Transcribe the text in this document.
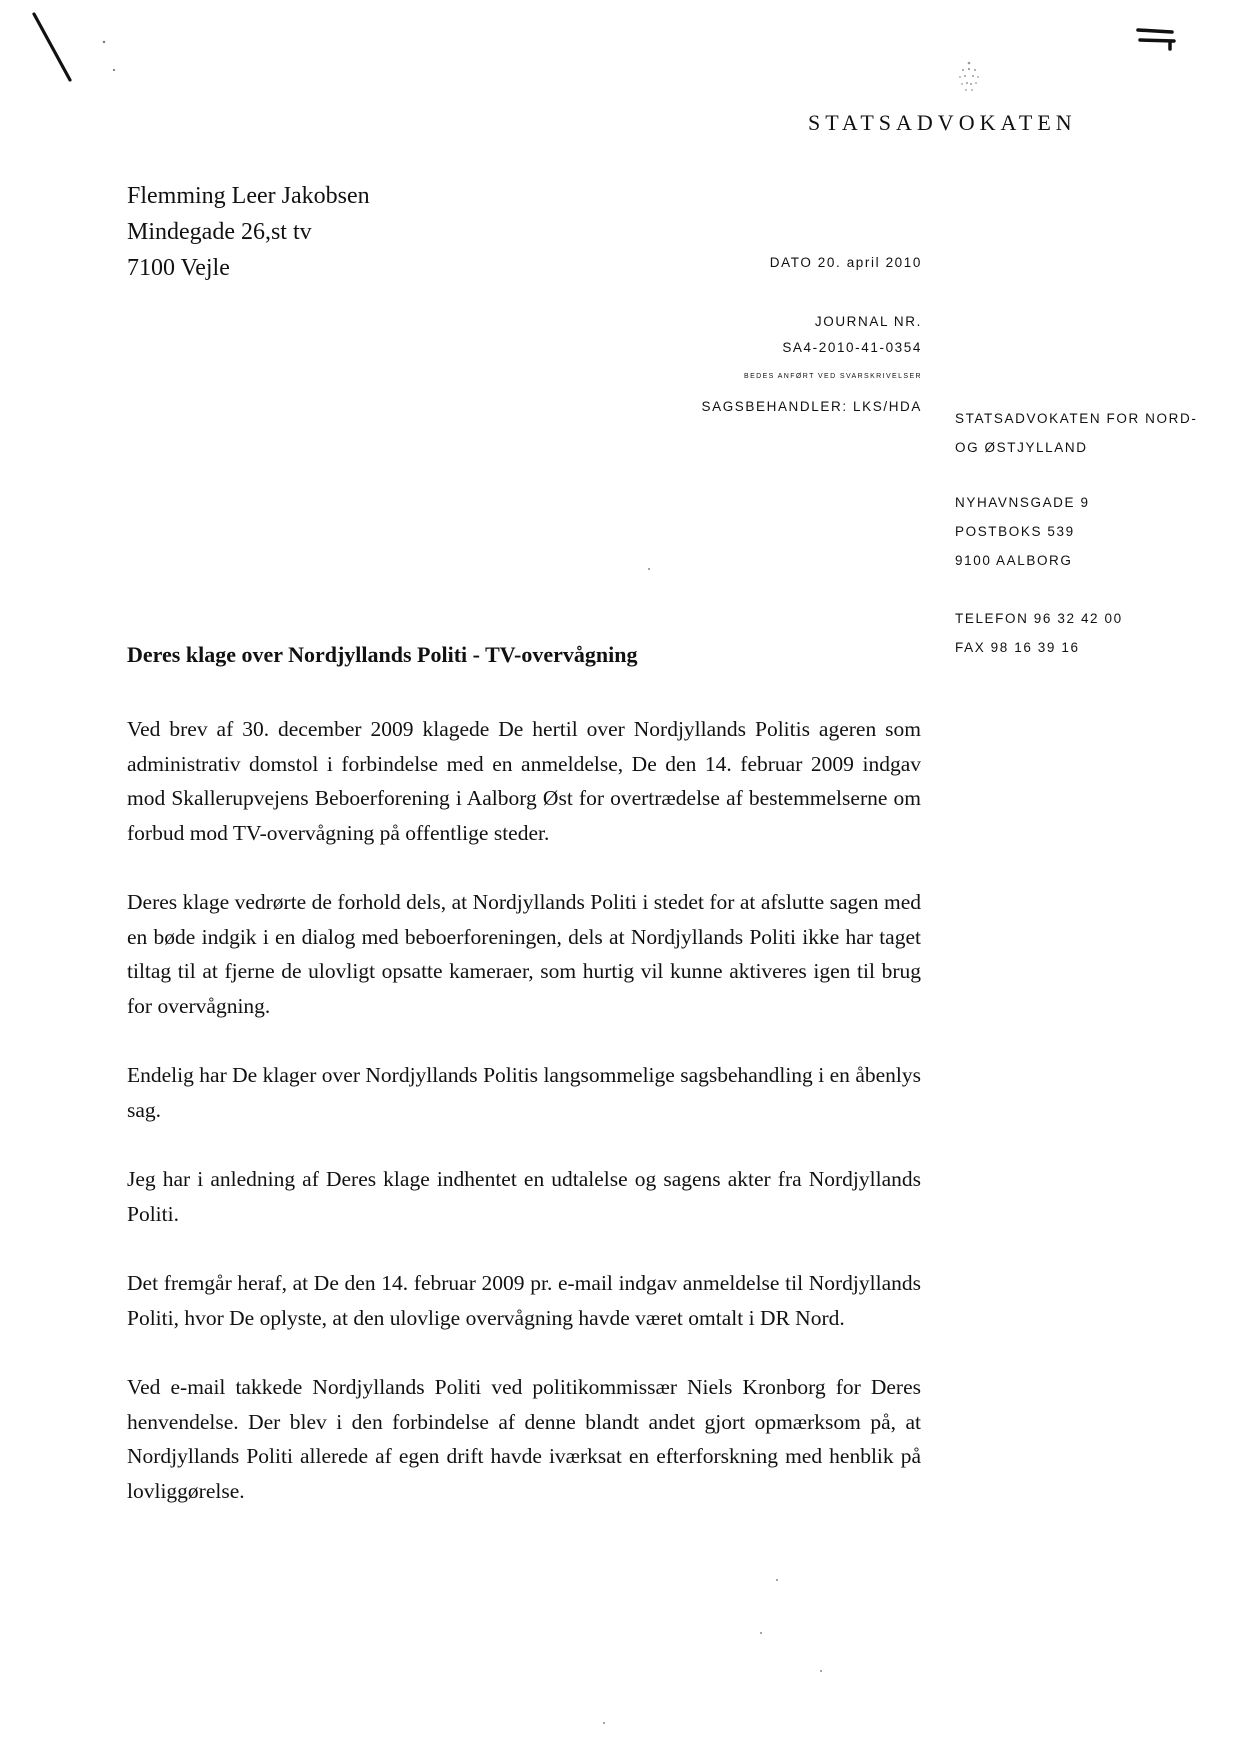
STATSADVOKATEN
Flemming Leer Jakobsen
Mindegade 26,st tv
7100 Vejle	DATO 20. april 2010
JOURNAL NR.
SA4-2010-41-0354
BEDES ANFØRT VED SVARSKRIVELSER
SAGSBEHANDLER: LKS/HDA
STATSADVOKATEN FOR NORD-
OG ØSTJYLLAND
NYHAVNSGADE 9
POSTBOKS 539
9100 AALBORG
TELEFON 96 32 42 00
FAX 98 16 39 16
Deres klage over Nordjyllands Politi - TV-overvågning

Ved brev af 30. december 2009 klagede De hertil over Nordjyllands Politis ageren som administrativ domstol i forbindelse med en anmeldelse, De den 14. februar 2009 indgav mod Skallerupvejens Beboerforening i Aalborg Øst for overtrædelse af bestemmelserne om forbud mod TV-overvågning på offentlige steder.

Deres klage vedrørte de forhold dels, at Nordjyllands Politi i stedet for at afslutte sagen med en bøde indgik i en dialog med beboerforeningen, dels at Nordjyllands Politi ikke har taget tiltag til at fjerne de ulovligt opsatte kameraer, som hurtig vil kunne aktiveres igen til brug for overvågning.

Endelig har De klager over Nordjyllands Politis langsommelige sagsbehandling i en åbenlys sag.

Jeg har i anledning af Deres klage indhentet en udtalelse og sagens akter fra Nordjyllands Politi.

Det fremgår heraf, at De den 14. februar 2009 pr. e-mail indgav anmeldelse til Nordjyllands Politi, hvor De oplyste, at den ulovlige overvågning havde været omtalt i DR Nord.

Ved e-mail takkede Nordjyllands Politi ved politikommissær Niels Kronborg for Deres henvendelse. Der blev i den forbindelse af denne blandt andet gjort opmærksom på, at Nordjyllands Politi allerede af egen drift havde iværksat en efterforskning med henblik på lovliggørelse.
